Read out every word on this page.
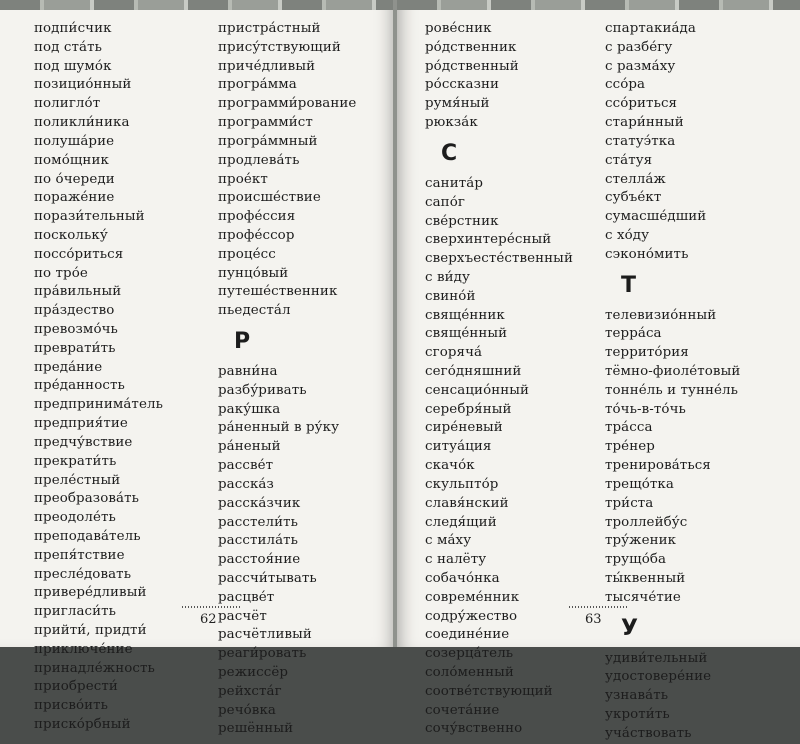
подпи́счик
под ста́ть
под шумо́к
позицио́нный
полигло́т
поликли́ника
полуша́рие
помо́щник
по о́череди
пораже́ние
порази́тельный
поскольку́
поссо́риться
по тро́е
пра́вильный
пра́здество
превозмо́чь
преврати́ть
преда́ние
пре́данность
предпринима́тель
предприя́тие
предчу́вствие
прекрати́ть
преле́стный
преобразова́ть
преодоле́ть
преподава́тель
препя́тствие
пресле́довать
привере́дливый
пригласи́ть
прийти́, придти́
приключе́ние
принадле́жность
приобрести́
присво́ить
приско́рбный
пристра́стный
прису́тствующий
приче́дливый
програ́мма
программи́рование
программи́ст
програ́ммный
продлева́ть
прое́кт
происше́ствие
профе́ссия
профе́ссор
проце́сс
пунцо́вый
путеше́ственник
пьедеста́л
Р
равни́на
разбу́ривать
раку́шка
ра́ненный в ру́ку
ра́неный
рассве́т
расска́з
расска́зчик
расстели́ть
расстила́ть
расстоя́ние
рассчи́тывать
расцве́т
расчёт
расчётливый
реаги́ровать
режиссёр
рейхста́г
речо́вка
решённый
62
рове́сник
ро́дственник
ро́дственный
ро́ссказни
румя́ный
рюкза́к
С
санита́р
сапо́г
све́рстник
сверхинтере́сный
сверхъесте́ственный
с ви́ду
свино́й
свяще́нник
свяще́нный
сгоряча́
сего́дняшний
сенсацио́нный
серебря́ный
сире́невый
ситуа́ция
скачо́к
скульпто́р
славя́нский
следя́щий
с ма́ху
с налёту
собачо́нка
совреме́нник
содру́жество
соедине́ние
созерца́тель
соло́менный
соотве́тствующий
сочета́ние
сочу́вственно
спартакиа́да
с разбе́гу
с разма́ху
ссо́ра
ссо́риться
стари́нный
статуэ́тка
ста́туя
стелла́ж
субъе́кт
сумасше́дший
с хо́ду
сэконо́мить
Т
телевизио́нный
терра́са
террито́рия
тёмно-фиоле́товый
тонне́ль и тунне́ль
то́чь-в-то́чь
тра́сса
тре́нер
тренирова́ться
трещо́тка
три́ста
троллейбу́с
тру́женик
трущо́ба
ты́квенный
тысяче́тие
У
удиви́тельный
удостовере́ние
узнава́ть
укроти́ть
уча́ствовать
63
